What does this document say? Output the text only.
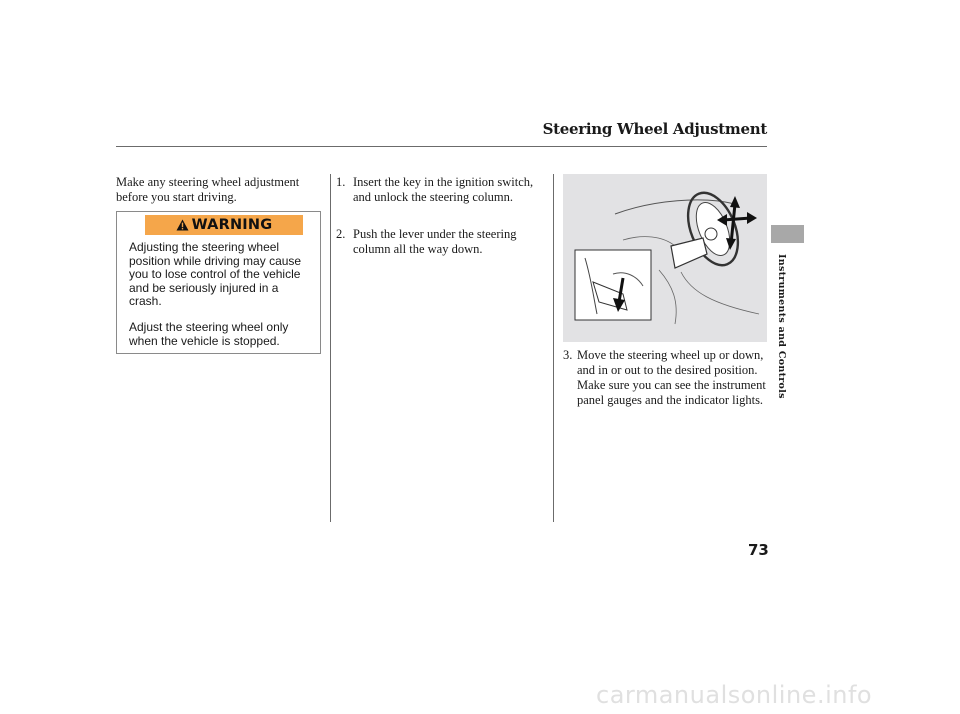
Steering Wheel Adjustment
Make any steering wheel adjustment before you start driving.
WARNING
Adjusting the steering wheel position while driving may cause you to lose control of the vehicle and be seriously injured in a crash.
Adjust the steering wheel only when the vehicle is stopped.
1. Insert the key in the ignition switch, and unlock the steering column.
2. Push the lever under the steering column all the way down.
3. Move the steering wheel up or down, and in or out to the desired position. Make sure you can see the instrument panel gauges and the indicator lights.
Instruments and Controls
73
carmanualsonline.info
